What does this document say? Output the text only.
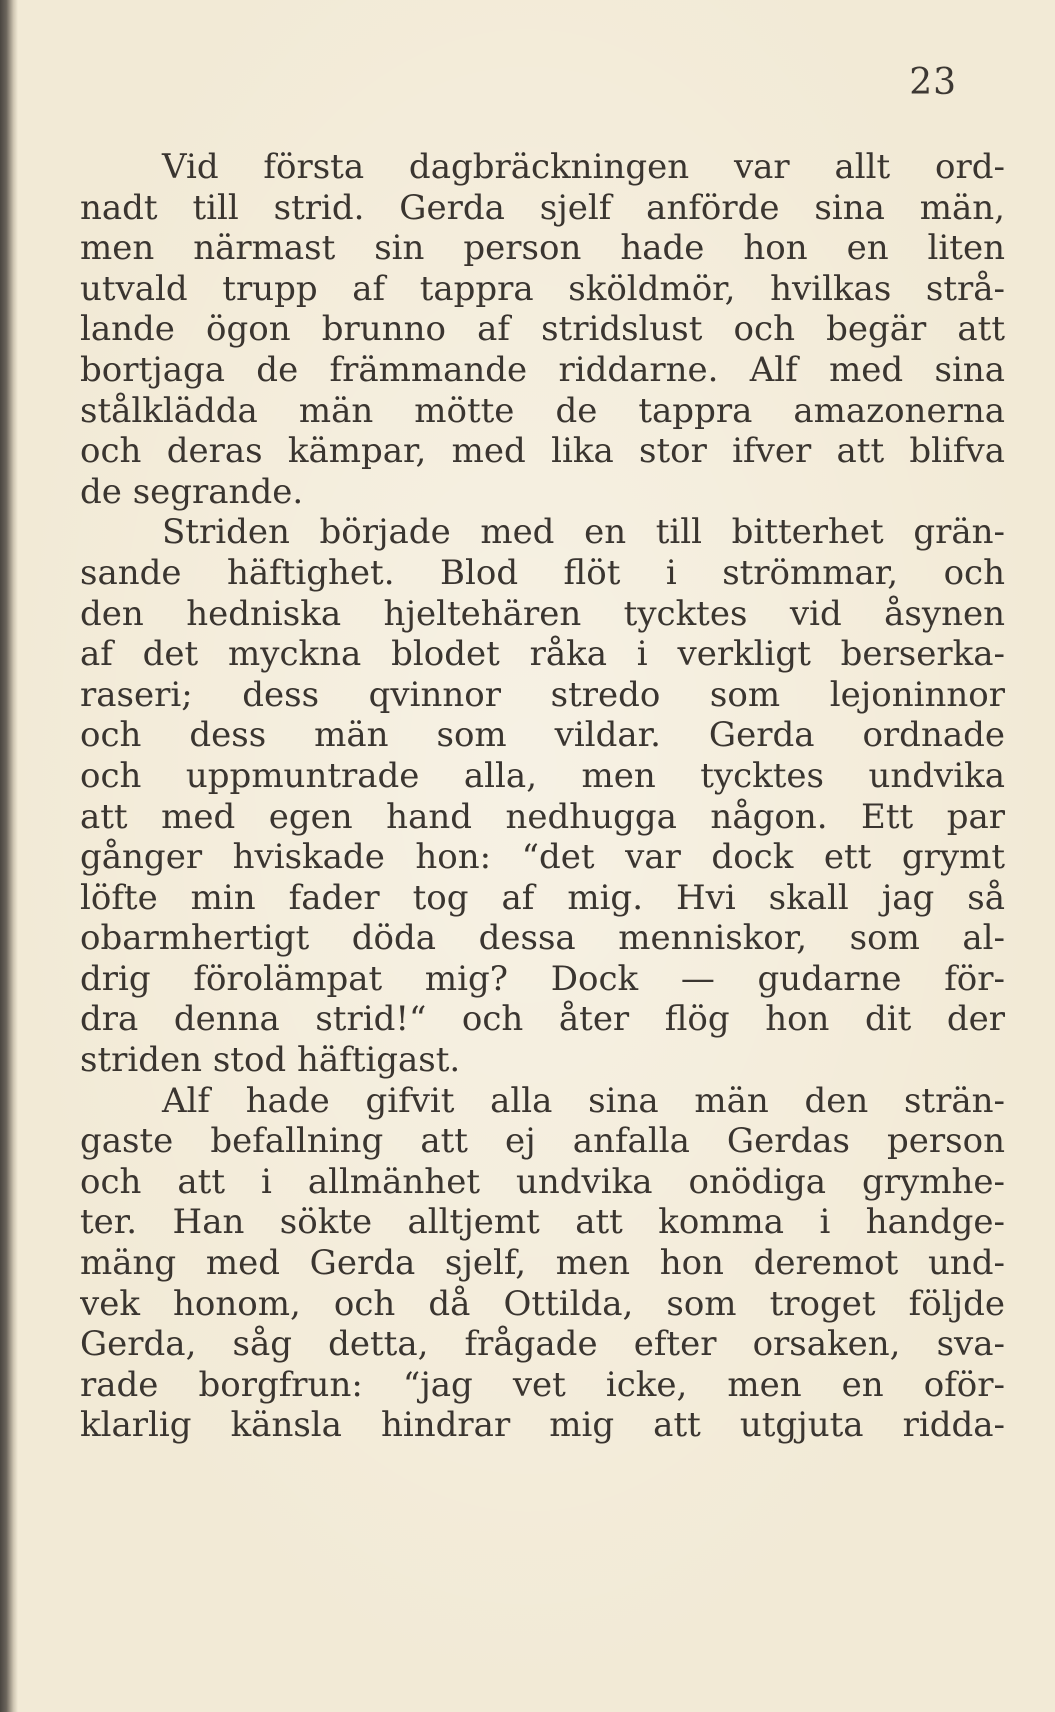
23
Vid första dagbräckningen var allt ord-
nadt till strid. Gerda sjelf anförde sina män,
men närmast sin person hade hon en liten
utvald trupp af tappra sköldmör, hvilkas strå-
lande ögon brunno af stridslust och begär att
bortjaga de främmande riddarne. Alf med sina
stålklädda män mötte de tappra amazonerna
och deras kämpar, med lika stor ifver att blifva
de segrande.
Striden började med en till bitterhet grän-
sande häftighet. Blod flöt i strömmar, och
den hedniska hjeltehären tycktes vid åsynen
af det myckna blodet råka i verkligt berserka-
raseri; dess qvinnor stredo som lejoninnor
och dess män som vildar. Gerda ordnade
och uppmuntrade alla, men tycktes undvika
att med egen hand nedhugga någon. Ett par
gånger hviskade hon: “det var dock ett grymt
löfte min fader tog af mig. Hvi skall jag så
obarmhertigt döda dessa menniskor, som al-
drig förolämpat mig? Dock — gudarne för-
dra denna strid!“ och åter flög hon dit der
striden stod häftigast.
Alf hade gifvit alla sina män den strän-
gaste befallning att ej anfalla Gerdas person
och att i allmänhet undvika onödiga grymhe-
ter. Han sökte alltjemt att komma i handge-
mäng med Gerda sjelf, men hon deremot und-
vek honom, och då Ottilda, som troget följde
Gerda, såg detta, frågade efter orsaken, sva-
rade borgfrun: “jag vet icke, men en oför-
klarlig känsla hindrar mig att utgjuta ridda-
